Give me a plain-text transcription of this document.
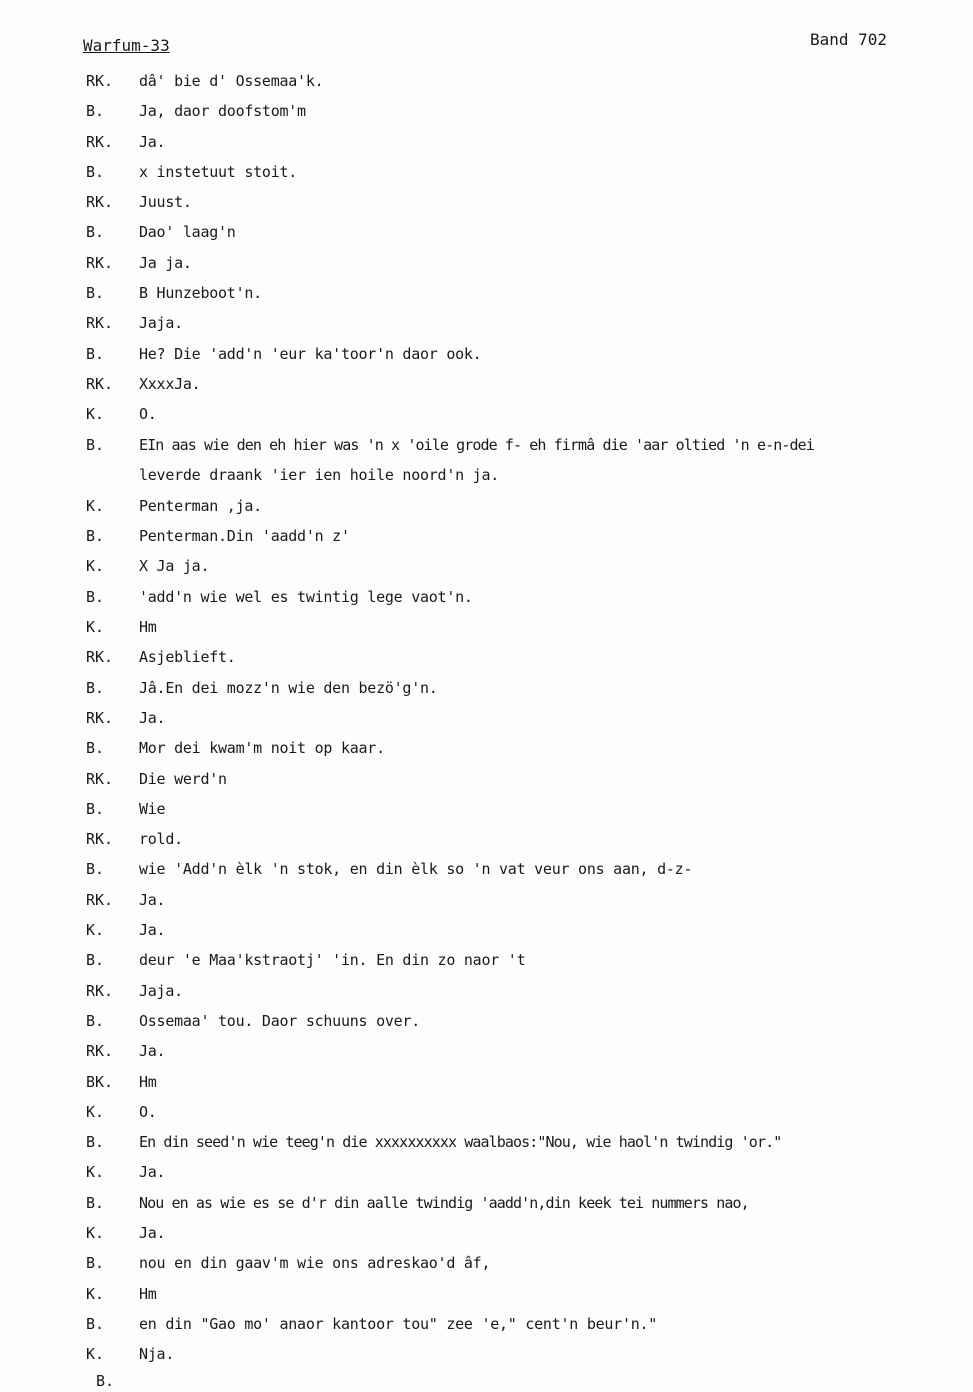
Warfum-33	Band 702
RK.	dâ' bie d' Ossemaa'k.
B.	Ja, daor doofstom'm
RK.	Ja.
B.	x instetuut stoit.
RK.	Juust.
B.	Dao' laag'n
RK.	Ja ja.
B.	B Hunzeboot'n.
RK.	Jaja.
B.	He? Die 'add'n 'eur ka'toor'n daor ook.
RK.	XxxxJa.
K.	O.
B.	EIn aas wie den eh hier was 'n x 'oile grode f- eh firmâ die 'aar oltied 'n e-n-dei
leverde draank 'ier ien hoile noord'n ja.
K.	Penterman ,ja.
B.	Penterman.Din 'aadd'n z'
K.	X Ja ja.
B.	'add'n wie wel es twintig lege vaot'n.
K.	Hm
RK.	Asjeblieft.
B.	Jâ.En dei mozz'n wie den bezö'g'n.
RK.	Ja.
B.	Mor dei kwam'm noit op kaar.
RK.	Die werd'n
B.	Wie
RK.	rold.
B.	wie 'Add'n èlk 'n stok, en din èlk so 'n vat veur ons aan, d-z-
RK.	Ja.
K.	Ja.
B.	deur 'e Maa'kstraotj' 'in. En din zo naor 't
RK.	Jaja.
B.	Ossemaa' tou. Daor schuuns over.
RK.	Ja.
BK.	Hm
K.	O.
B.	En din seed'n wie teeg'n die xxxxxxxxxx waalbaos:"Nou, wie haol'n twindig 'or."
K.	Ja.
B.	Nou en as wie es se d'r din aalle twindig 'aadd'n,din keek tei nummers nao,
K.	Ja.
B.	nou en din gaav'm wie ons adreskao'd âf,
K.	Hm
B.	en din "Gao mo' anaor kantoor tou" zee 'e," cent'n beur'n."
K.	Nja.
B.
